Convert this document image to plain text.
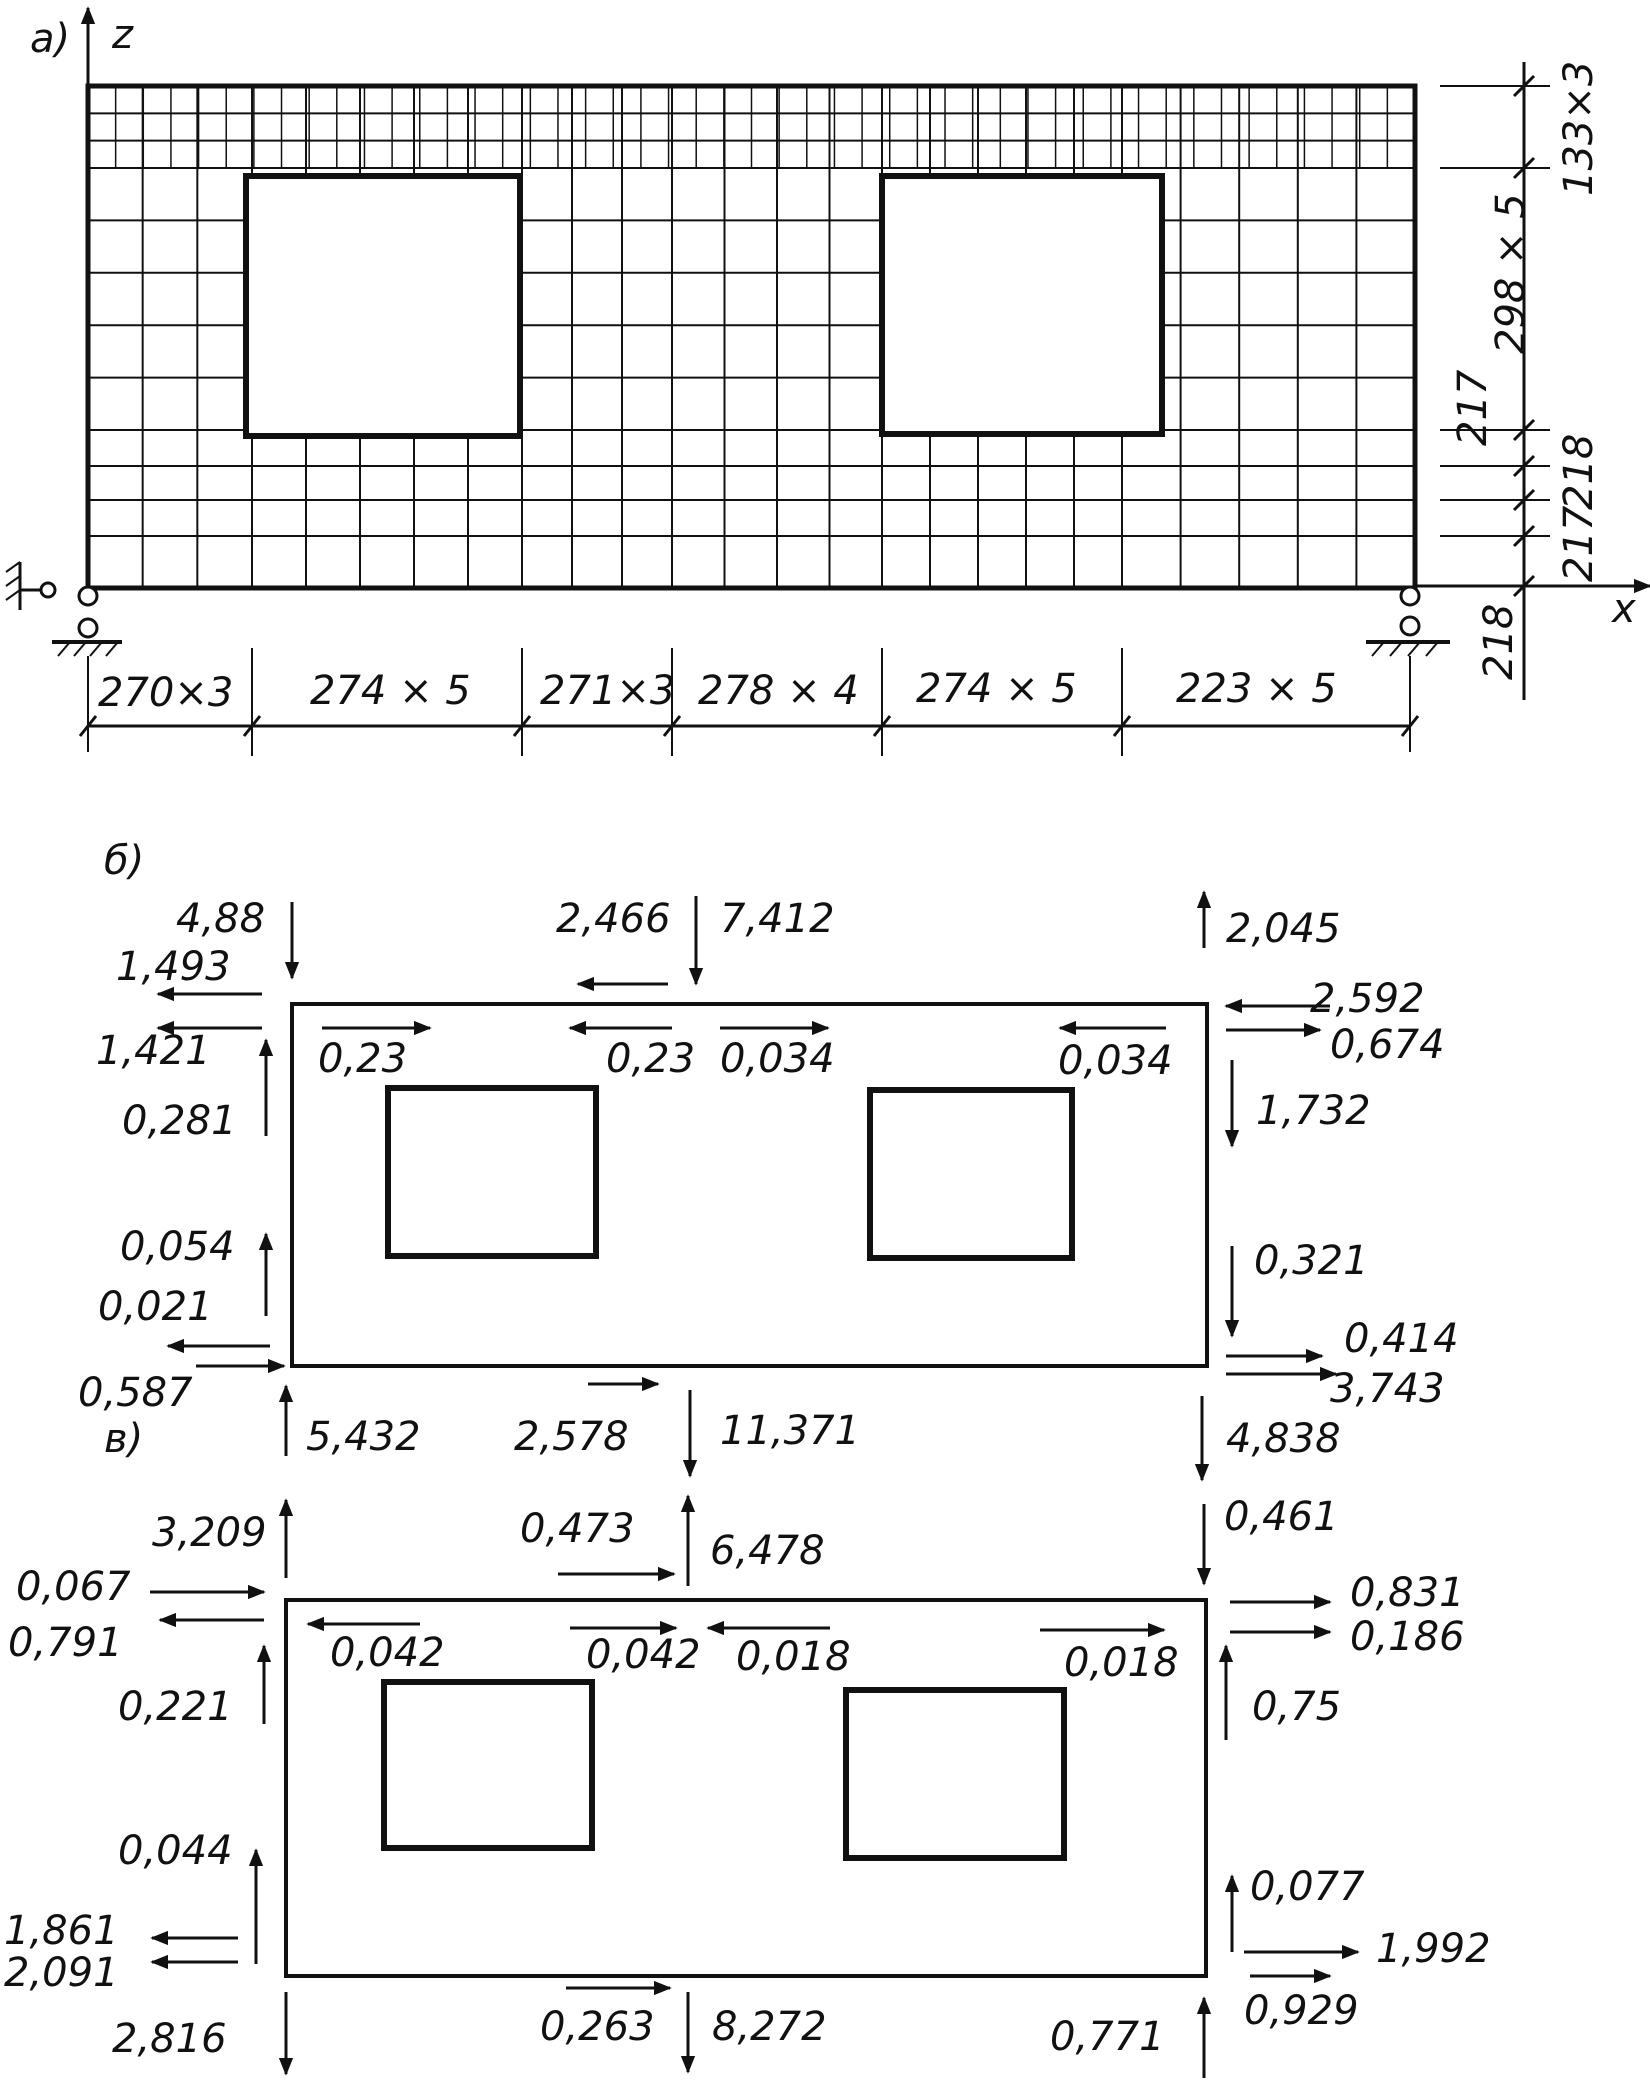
a) z
x
270×3 274 × 5 271×3 278 × 4 274 × 5 223 × 5
133×3
298 × 5
217
218
217
218
б)
4,88	2,466 7,412	2,045
1,493
2,592
0,23	0,23 0,034	0,034
1,421
0,281
0,054
0,021
0,587
0,674
1,732
0,321
0,414
3,743
5,432 2,578 11,371	4,838
в)
3,209	0,473 6,478
0,461
0,067
0,791
0,221
0,044
1,861
2,091
0,042	0,042 0,018	0,018
0,831
0,186
0,75
0,077
1,992
0,929
2,816	0,263 8,272	0,771
